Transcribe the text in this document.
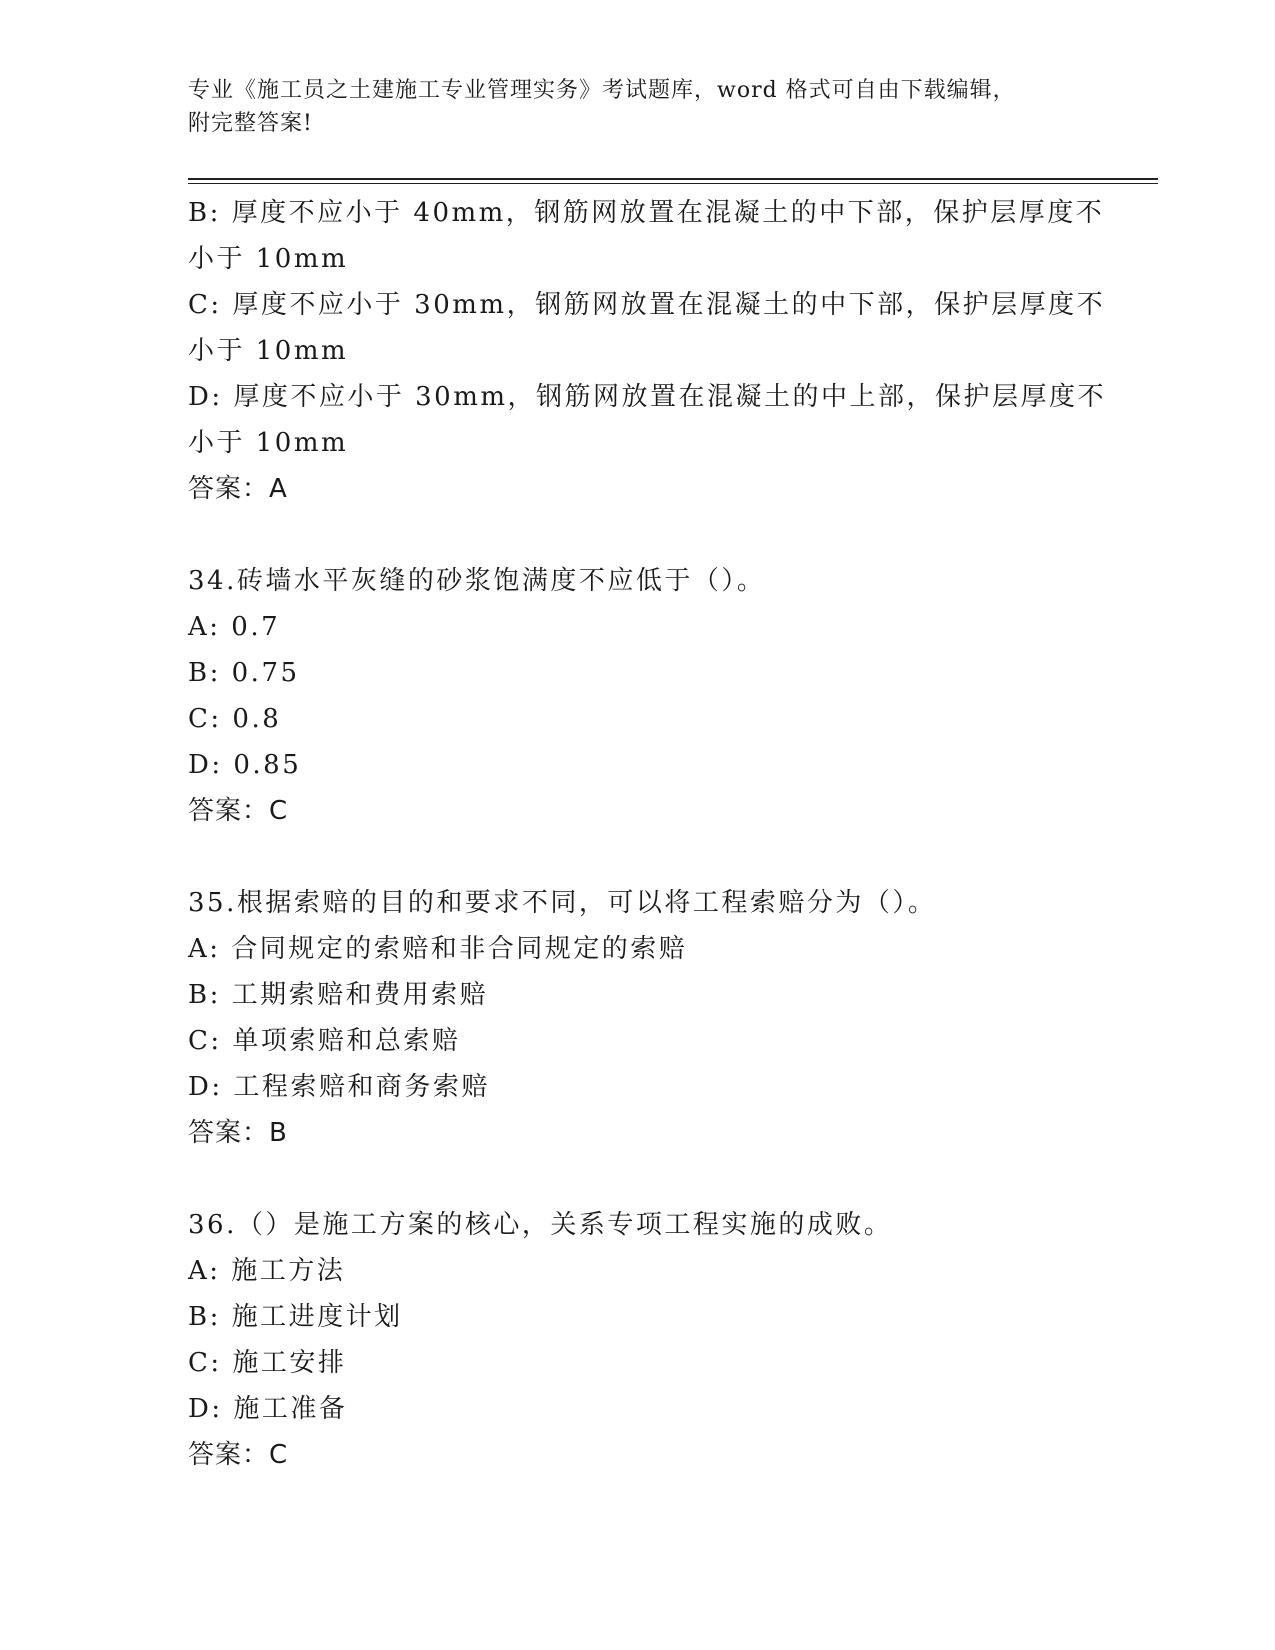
专业《施工员之土建施工专业管理实务》考试题库，word 格式可自由下载编辑，
附完整答案!
B: 厚度不应小于 40mm，钢筋网放置在混凝土的中下部，保护层厚度不
小于 10mm
C: 厚度不应小于 30mm，钢筋网放置在混凝土的中下部，保护层厚度不
小于 10mm
D: 厚度不应小于 30mm，钢筋网放置在混凝土的中上部，保护层厚度不
小于 10mm
答案：A
34.砖墙水平灰缝的砂浆饱满度不应低于（）。
A: 0.7
B: 0.75
C: 0.8
D: 0.85
答案：C
35.根据索赔的目的和要求不同，可以将工程索赔分为（）。
A: 合同规定的索赔和非合同规定的索赔
B: 工期索赔和费用索赔
C: 单项索赔和总索赔
D: 工程索赔和商务索赔
答案：B
36.（）是施工方案的核心，关系专项工程实施的成败。
A: 施工方法
B: 施工进度计划
C: 施工安排
D: 施工准备
答案：C
